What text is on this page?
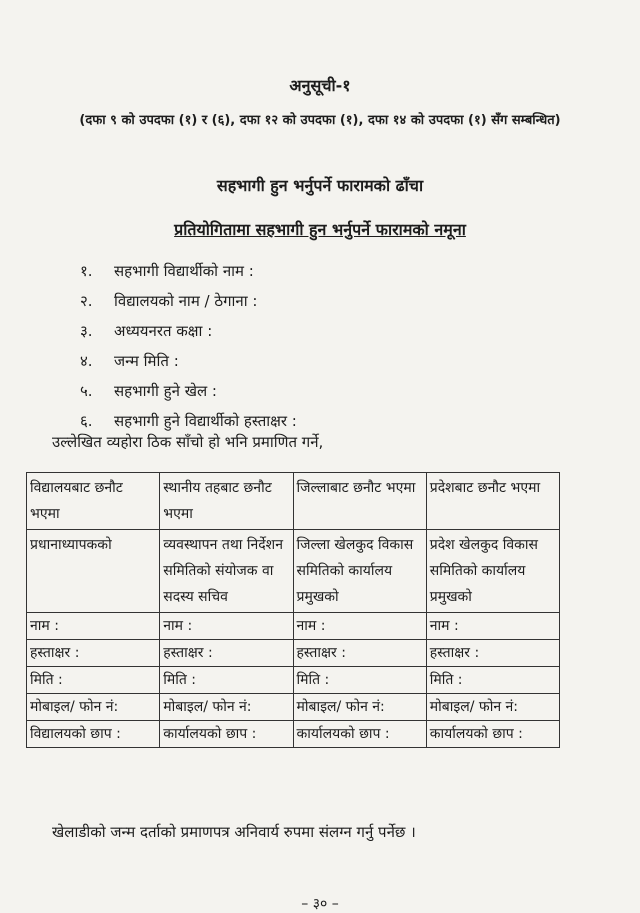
अनुसूची-१
(दफा ९ को उपदफा (१) र (६), दफा १२ को उपदफा (१), दफा १४ को उपदफा (१) सँग सम्बन्धित)
सहभागी हुन भर्नुपर्ने फारामको ढाँचा
प्रतियोगितामा सहभागी हुन भर्नुपर्ने फारामको नमूना
१. सहभागी विद्यार्थीको नाम :
२. विद्यालयको नाम / ठेगाना :
३. अध्ययनरत कक्षा :
४. जन्म मिति :
५. सहभागी हुने खेल :
६. सहभागी हुने विद्यार्थीको हस्ताक्षर :
उल्लेखित व्यहोरा ठिक साँचो हो भनि प्रमाणित गर्ने,
विद्यालयबाट छनौट भएमा	स्थानीय तहबाट छनौट भएमा	जिल्लाबाट छनौट भएमा	प्रदेशबाट छनौट भएमा
प्रधानाध्यापकको	व्यवस्थापन तथा निर्देशन समितिको संयोजक वा सदस्य सचिव	जिल्ला खेलकुद विकास समितिको कार्यालय प्रमुखको	प्रदेश खेलकुद विकास समितिको कार्यालय प्रमुखको
नाम :	नाम :	नाम :	नाम :
हस्ताक्षर :	हस्ताक्षर :	हस्ताक्षर :	हस्ताक्षर :
मिति :	मिति :	मिति :	मिति :
मोबाइल/ फोन नं:	मोबाइल/ फोन नं:	मोबाइल/ फोन नं:	मोबाइल/ फोन नं:
विद्यालयको छाप :	कार्यालयको छाप :	कार्यालयको छाप :	कार्यालयको छाप :
खेलाडीको जन्म दर्ताको प्रमाणपत्र अनिवार्य रुपमा संलग्न गर्नु पर्नेछ ।
– ३० –
